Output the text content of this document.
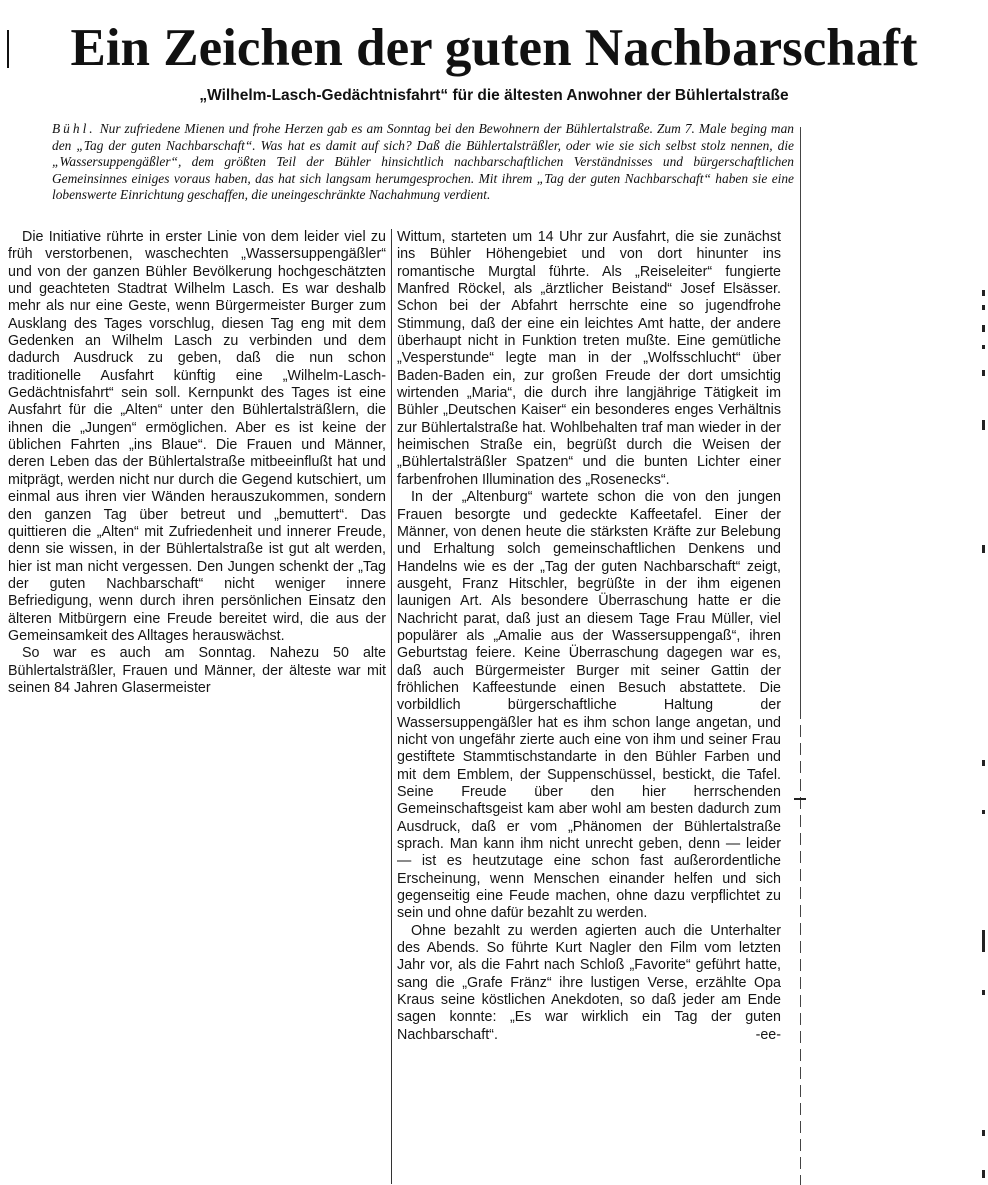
Ein Zeichen der guten Nachbarschaft
„Wilhelm-Lasch-Gedächtnisfahrt“ für die ältesten Anwohner der Bühlertalstraße

Bühl. Nur zufriedene Mienen und frohe Herzen gab es am Sonntag bei den Bewohnern der Bühlertalstraße. Zum 7. Male beging man den „Tag der guten Nachbarschaft“. Was hat es damit auf sich? Daß die Bühlertalsträßler, oder wie sie sich selbst stolz nennen, die „Wassersuppengäßler“, dem größten Teil der Bühler hinsichtlich nachbarschaftlichen Verständnisses und bürgerschaftlichen Gemeinsinnes einiges voraus haben, das hat sich langsam herumgesprochen. Mit ihrem „Tag der guten Nachbarschaft“ haben sie eine lobenswerte Einrichtung geschaffen, die uneingeschränkte Nachahmung verdient.

Die Initiative rührte in erster Linie von dem leider viel zu früh verstorbenen, waschechten „Wassersuppengäßler“ und von der ganzen Bühler Bevölkerung hochgeschätzten und geachteten Stadtrat Wilhelm Lasch. Es war deshalb mehr als nur eine Geste, wenn Bürgermeister Burger zum Ausklang des Tages vorschlug, diesen Tag eng mit dem Gedenken an Wilhelm Lasch zu verbinden und dem dadurch Ausdruck zu geben, daß die nun schon traditionelle Ausfahrt künftig eine „Wilhelm-Lasch-Gedächtnisfahrt“ sein soll. Kernpunkt des Tages ist eine Ausfahrt für die „Alten“ unter den Bühlertalsträßlern, die ihnen die „Jungen“ ermöglichen. Aber es ist keine der üblichen Fahrten „ins Blaue“. Die Frauen und Männer, deren Leben das der Bühlertalstraße mitbeeinflußt hat und mitprägt, werden nicht nur durch die Gegend kutschiert, um einmal aus ihren vier Wänden herauszukommen, sondern den ganzen Tag über betreut und „bemuttert“. Das quittieren die „Alten“ mit Zufriedenheit und innerer Freude, denn sie wissen, in der Bühlertalstraße ist gut alt werden, hier ist man nicht vergessen. Den Jungen schenkt der „Tag der guten Nachbarschaft“ nicht weniger innere Befriedigung, wenn durch ihren persönlichen Einsatz den älteren Mitbürgern eine Freude bereitet wird, die aus der Gemeinsamkeit des Alltages herauswächst.

So war es auch am Sonntag. Nahezu 50 alte Bühlertalsträßler, Frauen und Männer, der älteste war mit seinen 84 Jahren Glasermeister

Wittum, starteten um 14 Uhr zur Ausfahrt, die sie zunächst ins Bühler Höhengebiet und von dort hinunter ins romantische Murgtal führte. Als „Reiseleiter“ fungierte Manfred Röckel, als „ärztlicher Beistand“ Josef Elsässer. Schon bei der Abfahrt herrschte eine so jugendfrohe Stimmung, daß der eine ein leichtes Amt hatte, der andere überhaupt nicht in Funktion treten mußte. Eine gemütliche „Vesperstunde“ legte man in der „Wolfsschlucht“ über Baden-Baden ein, zur großen Freude der dort umsichtig wirtenden „Maria“, die durch ihre langjährige Tätigkeit im Bühler „Deutschen Kaiser“ ein besonderes enges Verhältnis zur Bühlertalstraße hat. Wohlbehalten traf man wieder in der heimischen Straße ein, begrüßt durch die Weisen der „Bühlertalsträßler Spatzen“ und die bunten Lichter einer farbenfrohen Illumination des „Rosenecks“.

In der „Altenburg“ wartete schon die von den jungen Frauen besorgte und gedeckte Kaffeetafel. Einer der Männer, von denen heute die stärksten Kräfte zur Belebung und Erhaltung solch gemeinschaftlichen Denkens und Handelns wie es der „Tag der guten Nachbarschaft“ zeigt, ausgeht, Franz Hitschler, begrüßte in der ihm eigenen launigen Art. Als besondere Überraschung hatte er die Nachricht parat, daß just an diesem Tage Frau Müller, viel populärer als „Amalie aus der Wassersuppengaß“, ihren Geburtstag feiere. Keine Überraschung dagegen war es, daß auch Bürgermeister Burger mit seiner Gattin der fröhlichen Kaffeestunde einen Besuch abstattete. Die vorbildlich bürgerschaftliche Haltung der Wassersuppengäßler hat es ihm schon lange angetan, und nicht von ungefähr zierte auch eine von ihm und seiner Frau gestiftete Stammtischstandarte in den Bühler Farben und mit dem Emblem, der Suppenschüssel, bestickt, die Tafel. Seine Freude über den hier herrschenden Gemeinschaftsgeist kam aber wohl am besten dadurch zum Ausdruck, daß er vom „Phänomen der Bühlertalstraße sprach. Man kann ihm nicht unrecht geben, denn — leider — ist es heutzutage eine schon fast außerordentliche Erscheinung, wenn Menschen einander helfen und sich gegenseitig eine Feude machen, ohne dazu verpflichtet zu sein und ohne dafür bezahlt zu werden.

Ohne bezahlt zu werden agierten auch die Unterhalter des Abends. So führte Kurt Nagler den Film vom letzten Jahr vor, als die Fahrt nach Schloß „Favorite“ geführt hatte, sang die „Grafe Fränz“ ihre lustigen Verse, erzählte Opa Kraus seine köstlichen Anekdoten, so daß jeder am Ende sagen konnte: „Es war wirklich ein Tag der guten Nachbarschaft“.	-ee-
